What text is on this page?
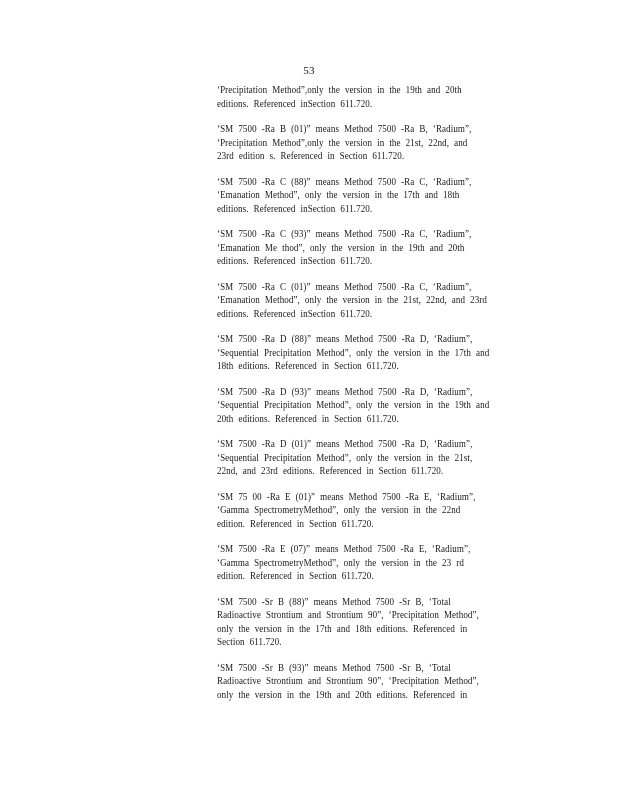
53
‘Precipitation Method”,only the version in the 19th and 20th
editions. Referenced inSection 611.720.
‘SM 7500 -Ra B (01)” means Method 7500 -Ra B, ‘Radium”,
‘Precipitation Method”,only the version in the 21st, 22nd, and
23rd edition s. Referenced in Section 611.720.
‘SM 7500 -Ra C (88)” means Method 7500 -Ra C, ‘Radium”,
‘Emanation Method”, only the version in the 17th and 18th
editions. Referenced inSection 611.720.
‘SM 7500 -Ra C (93)” means Method 7500 -Ra C, ‘Radium”,
‘Emanation Me thod”, only the version in the 19th and 20th
editions. Referenced inSection 611.720.
‘SM 7500 -Ra C (01)” means Method 7500 -Ra C, ‘Radium”,
‘Emanation Method”, only the version in the 21st, 22nd, and 23rd
editions. Referenced inSection 611.720.
‘SM 7500 -Ra D (88)” means Method 7500 -Ra D, ‘Radium”,
‘Sequential Precipitation Method”, only the version in the 17th and
18th editions. Referenced in Section 611.720.
‘SM 7500 -Ra D (93)” means Method 7500 -Ra D, ‘Radium”,
‘Sequential Precipitation Method”, only the version in the 19th and
20th editions. Referenced in Section 611.720.
‘SM 7500 -Ra D (01)” means Method 7500 -Ra D, ‘Radium”,
‘Sequential Precipitation Method”, only the version in the 21st,
22nd, and 23rd editions. Referenced in Section 611.720.
‘SM 75 00 -Ra E (01)” means Method 7500 -Ra E, ‘Radium”,
‘Gamma SpectrometryMethod”, only the version in the 22nd
edition. Referenced in Section 611.720.
‘SM 7500 -Ra E (07)” means Method 7500 -Ra E, ‘Radium”,
‘Gamma SpectrometryMethod”, only the version in the 23 rd
edition. Referenced in Section 611.720.
‘SM 7500 -Sr B (88)” means Method 7500 -Sr B, ‘Total
Radioactive Strontium and Strontium 90”, ‘Precipitation Method”,
only the version in the 17th and 18th editions. Referenced in
Section 611.720.
‘SM 7500 -Sr B (93)” means Method 7500 -Sr B, ‘Total
Radioactive Strontium and Strontium 90”, ‘Precipitation Method”,
only the version in the 19th and 20th editions. Referenced in
